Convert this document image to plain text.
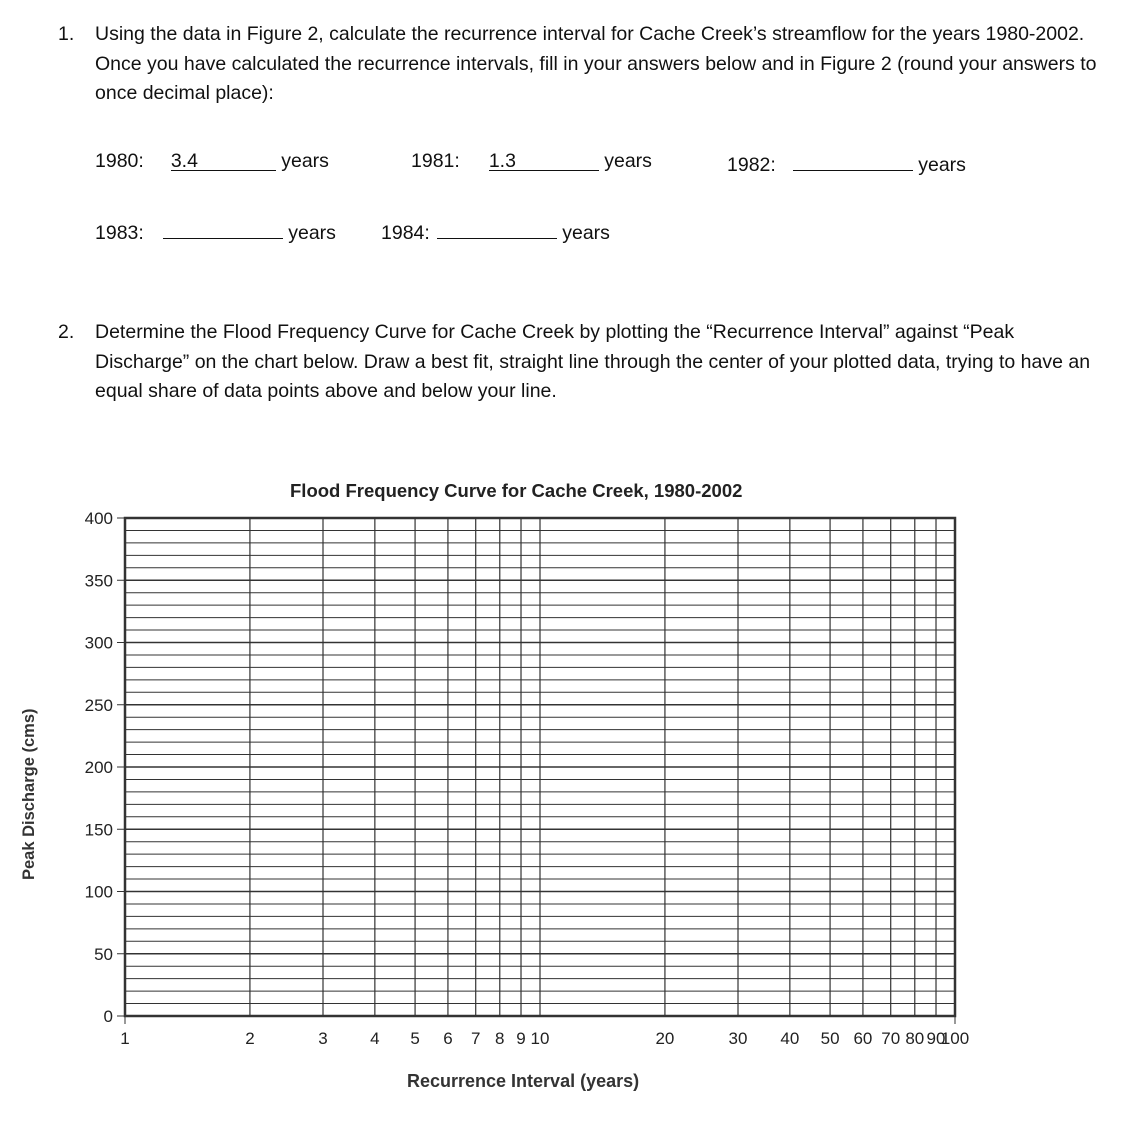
1. Using the data in Figure 2, calculate the recurrence interval for Cache Creek’s streamflow for the years 1980-2002. Once you have calculated the recurrence intervals, fill in your answers below and in Figure 2 (round your answers to once decimal place):
1980: 3.4	years	1981: 1.3	years	1982:	years
1983:	years 1984:	years
2. Determine the Flood Frequency Curve for Cache Creek by plotting the “Recurrence Interval” against “Peak Discharge” on the chart below. Draw a best fit, straight line through the center of your plotted data, trying to have an equal share of data points above and below your line.
Flood Frequency Curve for Cache Creek, 1980-2002
Peak Discharge (cms)
Recurrence Interval (years)
0
50
100
150
200
250
300
350
400
1	2	3 4 5 6 7 8 9 10	20	30 40 50 60 70 80 90
100
